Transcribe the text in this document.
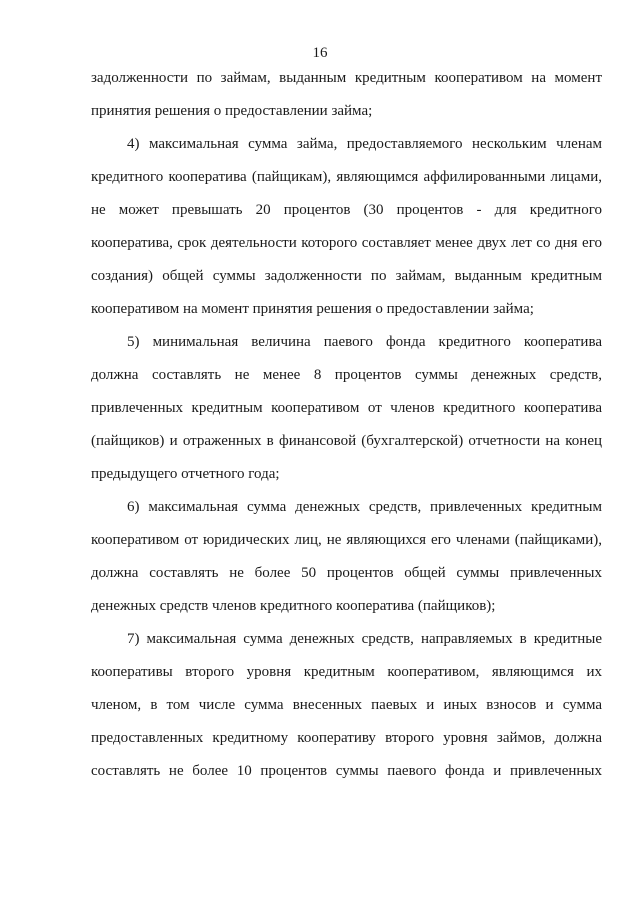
16
задолженности по займам, выданным кредитным кооперативом на момент
принятия решения о предоставлении займа;
4) максимальная сумма займа, предоставляемого нескольким членам
кредитного кооператива (пайщикам), являющимся аффилированными лицами,
не может превышать 20 процентов (30 процентов - для кредитного
кооператива, срок деятельности которого составляет менее двух лет со дня его
создания) общей суммы задолженности по займам, выданным кредитным
кооперативом на момент принятия решения о предоставлении займа;
5) минимальная величина паевого фонда кредитного кооператива
должна составлять не менее 8 процентов суммы денежных средств,
привлеченных кредитным кооперативом от членов кредитного кооператива
(пайщиков) и отраженных в финансовой (бухгалтерской) отчетности на конец
предыдущего отчетного года;
6) максимальная сумма денежных средств, привлеченных кредитным
кооперативом от юридических лиц, не являющихся его членами (пайщиками),
должна составлять не более 50 процентов общей суммы привлеченных
денежных средств членов кредитного кооператива (пайщиков);
7) максимальная сумма денежных средств, направляемых в кредитные
кооперативы второго уровня кредитным кооперативом, являющимся их
членом, в том числе сумма внесенных паевых и иных взносов и сумма
предоставленных кредитному кооперативу второго уровня займов, должна
составлять не более 10 процентов суммы паевого фонда и привлеченных
